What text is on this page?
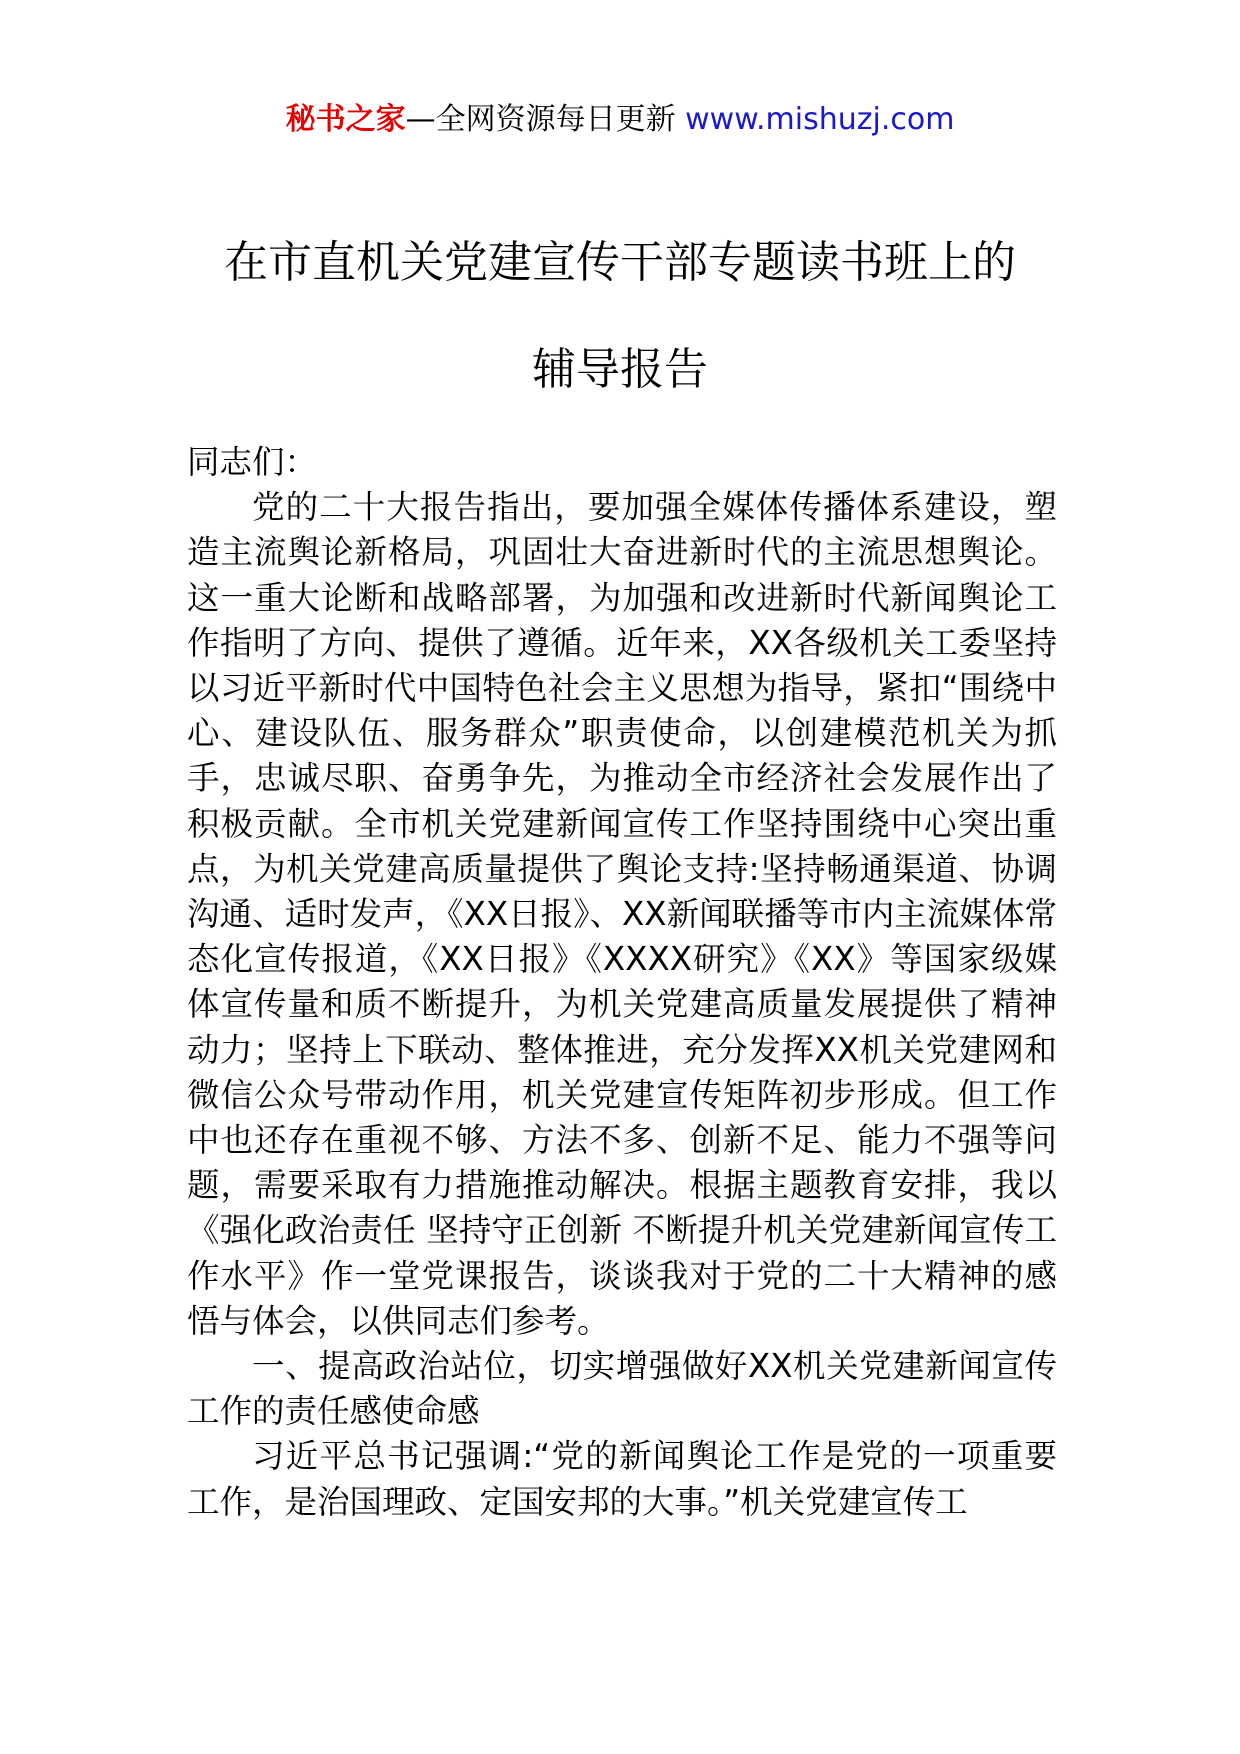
秘书之家—全网资源每日更新 www.mishuzj.com
在市直机关党建宣传干部专题读书班上的
辅导报告

同志们：

党的二十大报告指出，要加强全媒体传播体系建设，塑造主流舆论新格局，巩固壮大奋进新时代的主流思想舆论。这一重大论断和战略部署，为加强和改进新时代新闻舆论工作指明了方向、提供了遵循。近年来，XX各级机关工委坚持以习近平新时代中国特色社会主义思想为指导，紧扣“围绕中心、建设队伍、服务群众”职责使命，以创建模范机关为抓手，忠诚尽职、奋勇争先，为推动全市经济社会发展作出了积极贡献。全市机关党建新闻宣传工作坚持围绕中心突出重点，为机关党建高质量提供了舆论支持:坚持畅通渠道、协调沟通、适时发声，《XX日报》、XX新闻联播等市内主流媒体常态化宣传报道，《XX日报》《XXXX研究》《XX》等国家级媒体宣传量和质不断提升，为机关党建高质量发展提供了精神动力；坚持上下联动、整体推进，充分发挥XX机关党建网和微信公众号带动作用，机关党建宣传矩阵初步形成。但工作中也还存在重视不够、方法不多、创新不足、能力不强等问题，需要采取有力措施推动解决。根据主题教育安排，我以《强化政治责任 坚持守正创新 不断提升机关党建新闻宣传工作水平》作一堂党课报告，谈谈我对于党的二十大精神的感悟与体会，以供同志们参考。

一、提高政治站位，切实增强做好XX机关党建新闻宣传工作的责任感使命感

习近平总书记强调:“党的新闻舆论工作是党的一项重要工作，是治国理政、定国安邦的大事。”机关党建宣传工
